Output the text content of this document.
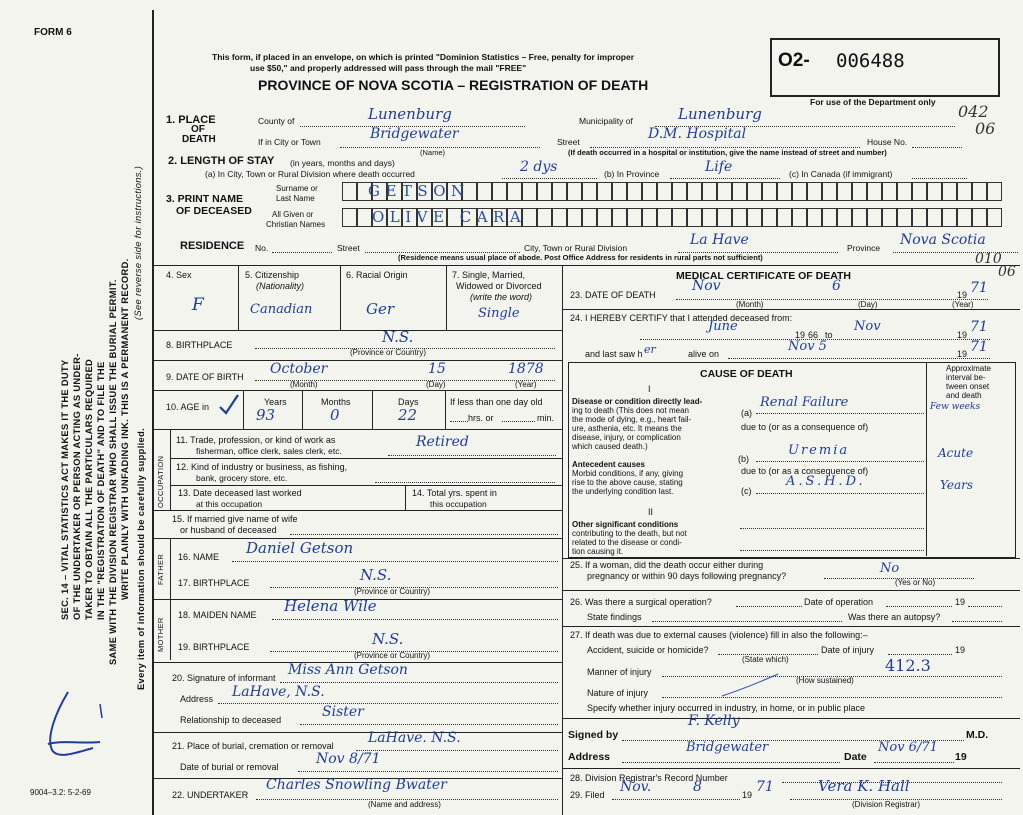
FORM 6
SEC. 14 – VITAL STATISTICS ACT MAKES IT THE DUTY OF THE UNDERTAKER OR PERSON ACTING AS UNDER- TAKER TO OBTAIN ALL THE PARTICULARS REQUIRED IN THE "REGISTRATION OF DEATH" AND TO FILE THE SAME WITH THE DIVISION REGISTRAR WHO SHALL ISSUE THE BURIAL PERMIT. WRITE PLAINLY WITH UNFADING INK. THIS IS A PERMANENT RECORD.
(See reverse side for instructions.)
Every item of information should be carefully supplied.
9004–3.2: 5-2-69
This form, if placed in an envelope, on which is printed "Dominion Statistics – Free, penalty for improper
use $50," and properly addressed will pass through the mail "FREE"
PROVINCE OF NOVA SCOTIA – REGISTRATION OF DEATH
O2- 006488
For use of the Department only 042
06
010
06
1. PLACE
OF
DEATH
County of	Lunenburg	Municipality of	Lunenburg
If in City or Town	Bridgewater
(Name)
Street	D.M. Hospital	House No.
(If death occurred in a hospital or institution, give the name instead of street and number)
2. LENGTH OF STAY (in years, months and days)
(a) In City, Town or Rural Division where death occurred	2 dys	(b) In Province	Life	(c) In Canada (if immigrant)
3. PRINT NAME
OF DECEASED
Surname or
Last Name
All Given or
Christian Names
GETSON
OLIVE CARA
RESIDENCE No.	Street	City, Town or Rural Division	La Have	Province Nova Scotia
(Residence means usual place of abode. Post Office Address for residents in rural parts not sufficient)
4. Sex
F
5. Citizenship
(Nationality)
Canadian
6. Racial Origin
Ger
7. Single, Married,
Widowed or Divorced
(write the word)
Single
8. BIRTHPLACE	N.S.
(Province or Country)
9. DATE OF BIRTH October	15	1878
(Month)	(Day)	(Year)
10. AGE in	Years
93
Months
0
Days
22
If less than one day old
hrs. or	min.
OCCUPATION
11. Trade, profession, or kind of work as
fisherman, office clerk, sales clerk, etc.
Retired
12. Kind of industry or business, as fishing,
bank, grocery store, etc.
13. Date deceased last worked
at this occupation
14. Total yrs. spent in
this occupation
15. If married give name of wife
or husband of deceased
FATHER 16. NAME Daniel Getson
17. BIRTHPLACE	N.S.
(Province or Country)
MOTHER
18. MAIDEN NAME Helena Wile
19. BIRTHPLACE	N.S.
(Province or Country)
20. Signature of informant Miss Ann Getson
Address LaHave, N.S.
Relationship to deceased	Sister
21. Place of burial, cremation or removal LaHave. N.S.
Date of burial or removal	Nov 8/71
22. UNDERTAKER
Charles Snowling Bwater
(Name and address)
MEDICAL CERTIFICATE OF DEATH
23. DATE OF DEATH
Nov	6
19 71
(Month)	(Day)	(Year)
24. I HEREBY CERTIFY that I attended deceased from:
June
19 66 to
Nov
19 71
and last saw h er	alive on	Nov 5	19 71
CAUSE OF DEATH	Approximate
interval be-
tween onset
and death
I
Disease or condition directly lead-
ing to death (This does not mean
the mode of dying, e.g., heart fail-
ure, asthenia, etc. It means the
disease, injury, or complication
which caused death.)
(a)
Renal Failure	Few weeks
due to (or as a consequence of)
Antecedent causes
Morbid conditions, if any, giving
rise to the above cause, stating
the underlying condition last.
(b)
Uremia	Acute
due to (or as a consequence of)
(c)
A.S.H.D.	Years
II
Other significant conditions
contributing to the death, but not
related to the disease or condi-
tion causing it.
25. If a woman, did the death occur either during
pregnancy or within 90 days following pregnancy?	No
(Yes or No)
26. Was there a surgical operation?	Date of operation	19
State findings	Was there an autopsy?
27. If death was due to external causes (violence) fill in also the following:–
Accident, suicide or homicide?	Date of injury	19
(State which)	412.3
Manner of injury
(How sustained)
Nature of injury
Specify whether injury occurred in industry, in home, or in public place
Signed by
F. Kelly
M.D.
Address
Bridgewater
Date
Nov 6/71
19
28. Division Registrar's Record Number
29. Filed Nov.	8	19 71	Vera K. Hall
(Division Registrar)
